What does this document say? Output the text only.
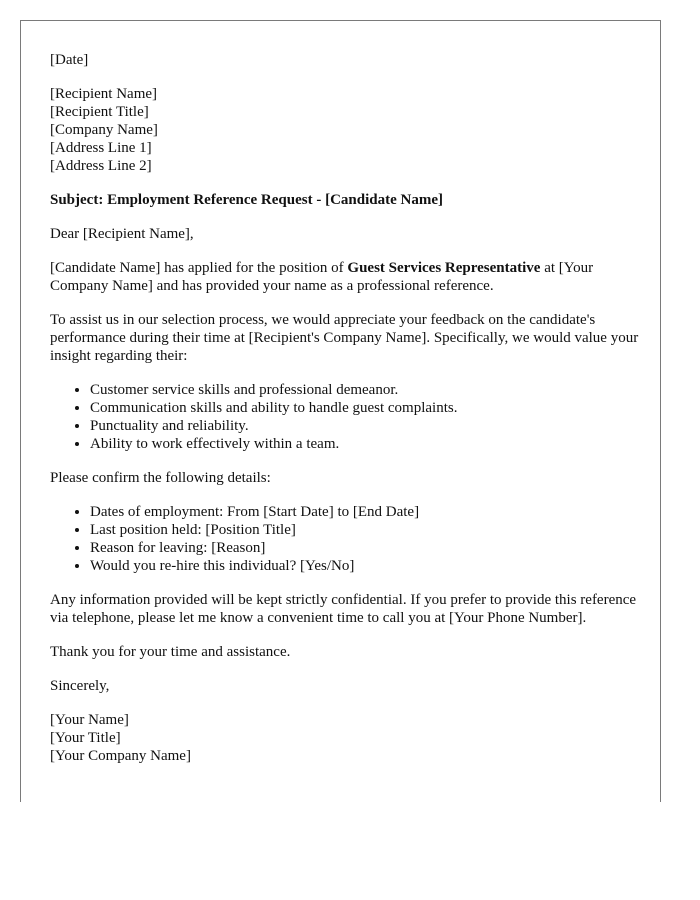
[Date]

[Recipient Name]
[Recipient Title]
[Company Name]
[Address Line 1]
[Address Line 2]

Subject: Employment Reference Request - [Candidate Name]

Dear [Recipient Name],

[Candidate Name] has applied for the position of Guest Services Representative at [Your Company Name] and has provided your name as a professional reference.

To assist us in our selection process, we would appreciate your feedback on the candidate's performance during their time at [Recipient's Company Name]. Specifically, we would value your insight regarding their:

• Customer service skills and professional demeanor.
• Communication skills and ability to handle guest complaints.
• Punctuality and reliability.
• Ability to work effectively within a team.

Please confirm the following details:

• Dates of employment: From [Start Date] to [End Date]
• Last position held: [Position Title]
• Reason for leaving: [Reason]
• Would you re-hire this individual? [Yes/No]

Any information provided will be kept strictly confidential. If you prefer to provide this reference via telephone, please let me know a convenient time to call you at [Your Phone Number].

Thank you for your time and assistance.

Sincerely,

[Your Name]
[Your Title]
[Your Company Name]
